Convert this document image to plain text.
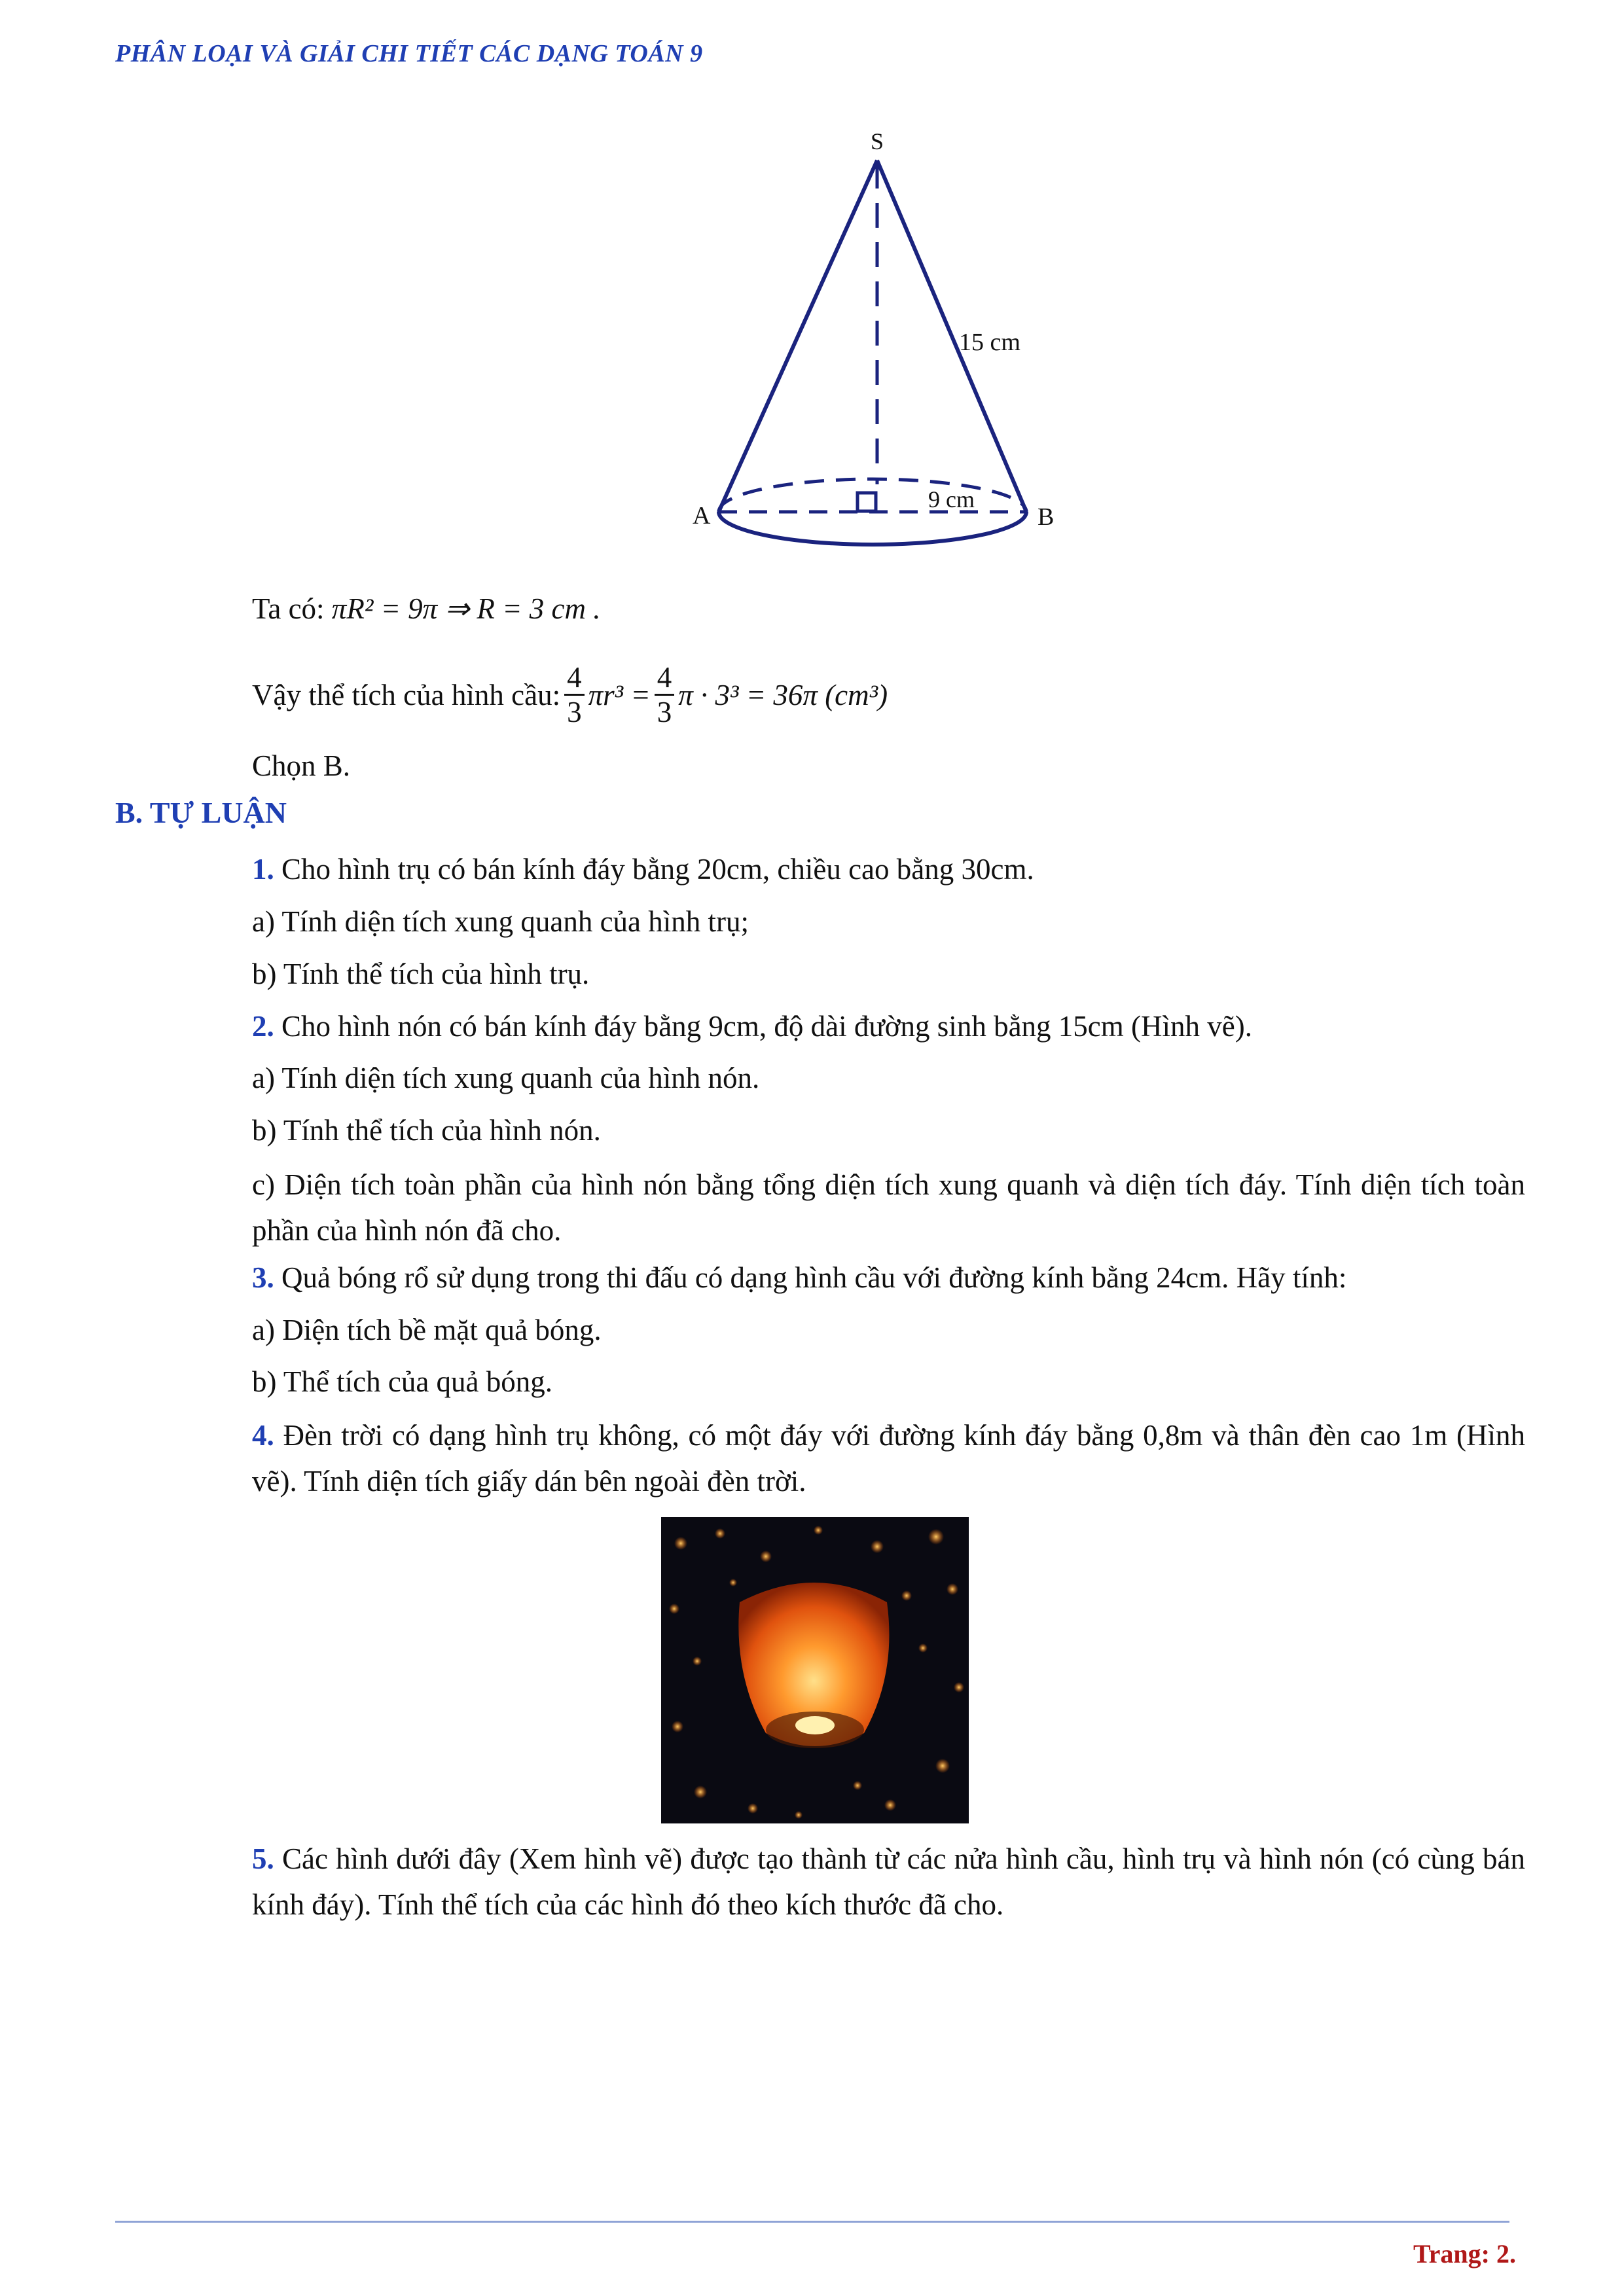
PHÂN LOẠI VÀ GIẢI CHI TIẾT CÁC DẠNG TOÁN 9
S
15 cm
A	B
9 cm
Ta có: πR² = 9π ⇒ R = 3 cm .
Vậy thể tích của hình cầu: $\frac{4}{3} \pi r^3 = \frac{4}{3}$ π · 3³ = 36π (cm³)
Chọn B.
B. TỰ LUẬN
1. Cho hình trụ có bán kính đáy bằng 20cm, chiều cao bằng 30cm.
a) Tính diện tích xung quanh của hình trụ;
b) Tính thể tích của hình trụ.
2. Cho hình nón có bán kính đáy bằng 9cm, độ dài đường sinh bằng 15cm (Hình vẽ).
a) Tính diện tích xung quanh của hình nón.
b) Tính thể tích của hình nón.
c) Diện tích toàn phần của hình nón bằng tổng diện tích xung quanh và diện tích đáy. Tính diện tích toàn phần của hình nón đã cho.
3. Quả bóng rổ sử dụng trong thi đấu có dạng hình cầu với đường kính bằng 24cm. Hãy tính:
a) Diện tích bề mặt quả bóng.
b) Thể tích của quả bóng.
4. Đèn trời có dạng hình trụ không, có một đáy với đường kính đáy bằng 0,8m và thân đèn cao 1m (Hình vẽ). Tính diện tích giấy dán bên ngoài đèn trời.
5. Các hình dưới đây (Xem hình vẽ) được tạo thành từ các nửa hình cầu, hình trụ và hình nón (có cùng bán kính đáy). Tính thể tích của các hình đó theo kích thước đã cho.
Trang: 2.
